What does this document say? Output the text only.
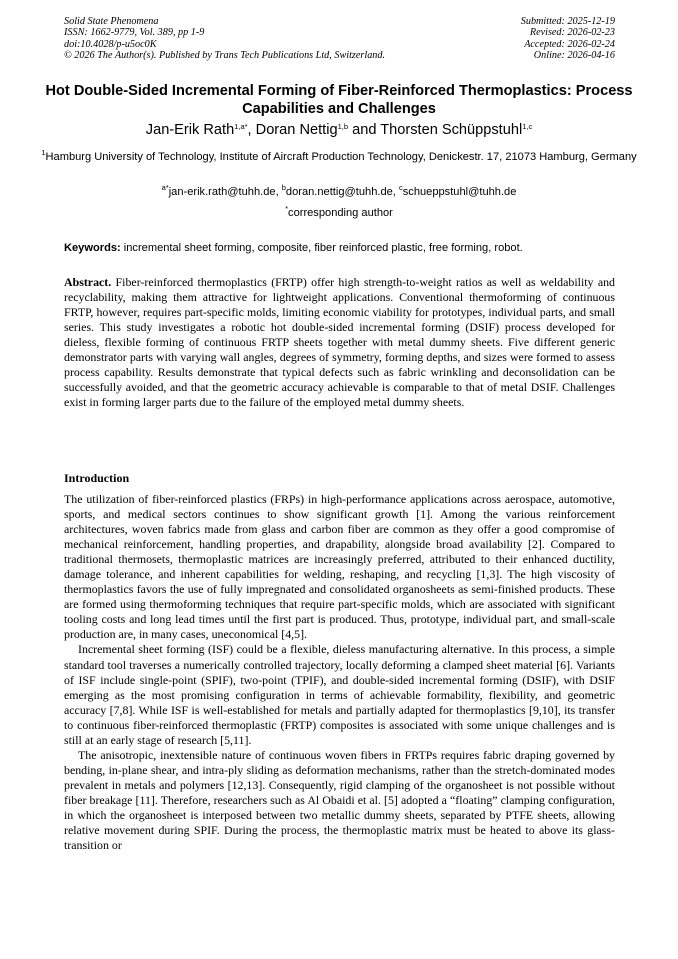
Solid State Phenomena
ISSN: 1662-9779, Vol. 389, pp 1-9
doi:10.4028/p-u5oc0K
© 2026 The Author(s). Published by Trans Tech Publications Ltd, Switzerland.
Submitted: 2025-12-19
Revised: 2026-02-23
Accepted: 2026-02-24
Online: 2026-04-16
Hot Double-Sided Incremental Forming of Fiber-Reinforced Thermoplastics: Process Capabilities and Challenges
Jan-Erik Rath$^{1,a*}$, Doran Nettig$^{1,b}$ and Thorsten Schüppstuhl$^{1,c}$
$^1$Hamburg University of Technology, Institute of Aircraft Production Technology, Denickestr. 17, 21073 Hamburg, Germany
$^{a*}$jan-erik.rath@tuhh.de, $^b$doran.nettig@tuhh.de, $^c$schueppstuhl@tuhh.de
*corresponding author
Keywords: incremental sheet forming, composite, fiber reinforced plastic, free forming, robot.
Abstract. Fiber-reinforced thermoplastics (FRTP) offer high strength-to-weight ratios as well as weldability and recyclability, making them attractive for lightweight applications. Conventional thermoforming of continuous FRTP, however, requires part-specific molds, limiting economic viability for prototypes, individual parts, and small series. This study investigates a robotic hot double-sided incremental forming (DSIF) process developed for dieless, flexible forming of continuous FRTP sheets together with metal dummy sheets. Five different generic demonstrator parts with varying wall angles, degrees of symmetry, forming depths, and sizes were formed to assess process capability. Results demonstrate that typical defects such as fabric wrinkling and deconsolidation can be successfully avoided, and that the geometric accuracy achievable is comparable to that of metal DSIF. Challenges exist in forming larger parts due to the failure of the employed metal dummy sheets.
Introduction

The utilization of fiber-reinforced plastics (FRPs) in high-performance applications across aerospace, automotive, sports, and medical sectors continues to show significant growth [1]. Among the various reinforcement architectures, woven fabrics made from glass and carbon fiber are common as they offer a good compromise of mechanical reinforcement, handling properties, and drapability, alongside broad availability [2]. Compared to traditional thermosets, thermoplastic matrices are increasingly preferred, attributed to their enhanced ductility, damage tolerance, and inherent capabilities for welding, reshaping, and recycling [1,3]. The high viscosity of thermoplastics favors the use of fully impregnated and consolidated organosheets as semi-finished products. These are formed using thermoforming techniques that require part-specific molds, which are associated with significant tooling costs and long lead times until the first part is produced. Thus, prototype, individual part, and small-scale production are, in many cases, uneconomical [4,5].

Incremental sheet forming (ISF) could be a flexible, dieless manufacturing alternative. In this process, a simple standard tool traverses a numerically controlled trajectory, locally deforming a clamped sheet material [6]. Variants of ISF include single-point (SPIF), two-point (TPIF), and double-sided incremental forming (DSIF), with DSIF emerging as the most promising configuration in terms of achievable formability, flexibility, and geometric accuracy [7,8]. While ISF is well-established for metals and partially adapted for thermoplastics [9,10], its transfer to continuous fiber-reinforced thermoplastic (FRTP) composites is associated with some unique challenges and is still at an early stage of research [5,11].

The anisotropic, inextensible nature of continuous woven fibers in FRTPs requires fabric draping governed by bending, in-plane shear, and intra-ply sliding as deformation mechanisms, rather than the stretch-dominated modes prevalent in metals and polymers [12,13]. Consequently, rigid clamping of the organosheet is not possible without fiber breakage [11]. Therefore, researchers such as Al Obaidi et al. [5] adopted a “floating” clamping configuration, in which the organosheet is interposed between two metallic dummy sheets, separated by PTFE sheets, allowing relative movement during SPIF. During the process, the thermoplastic matrix must be heated to above its glass-transition or
